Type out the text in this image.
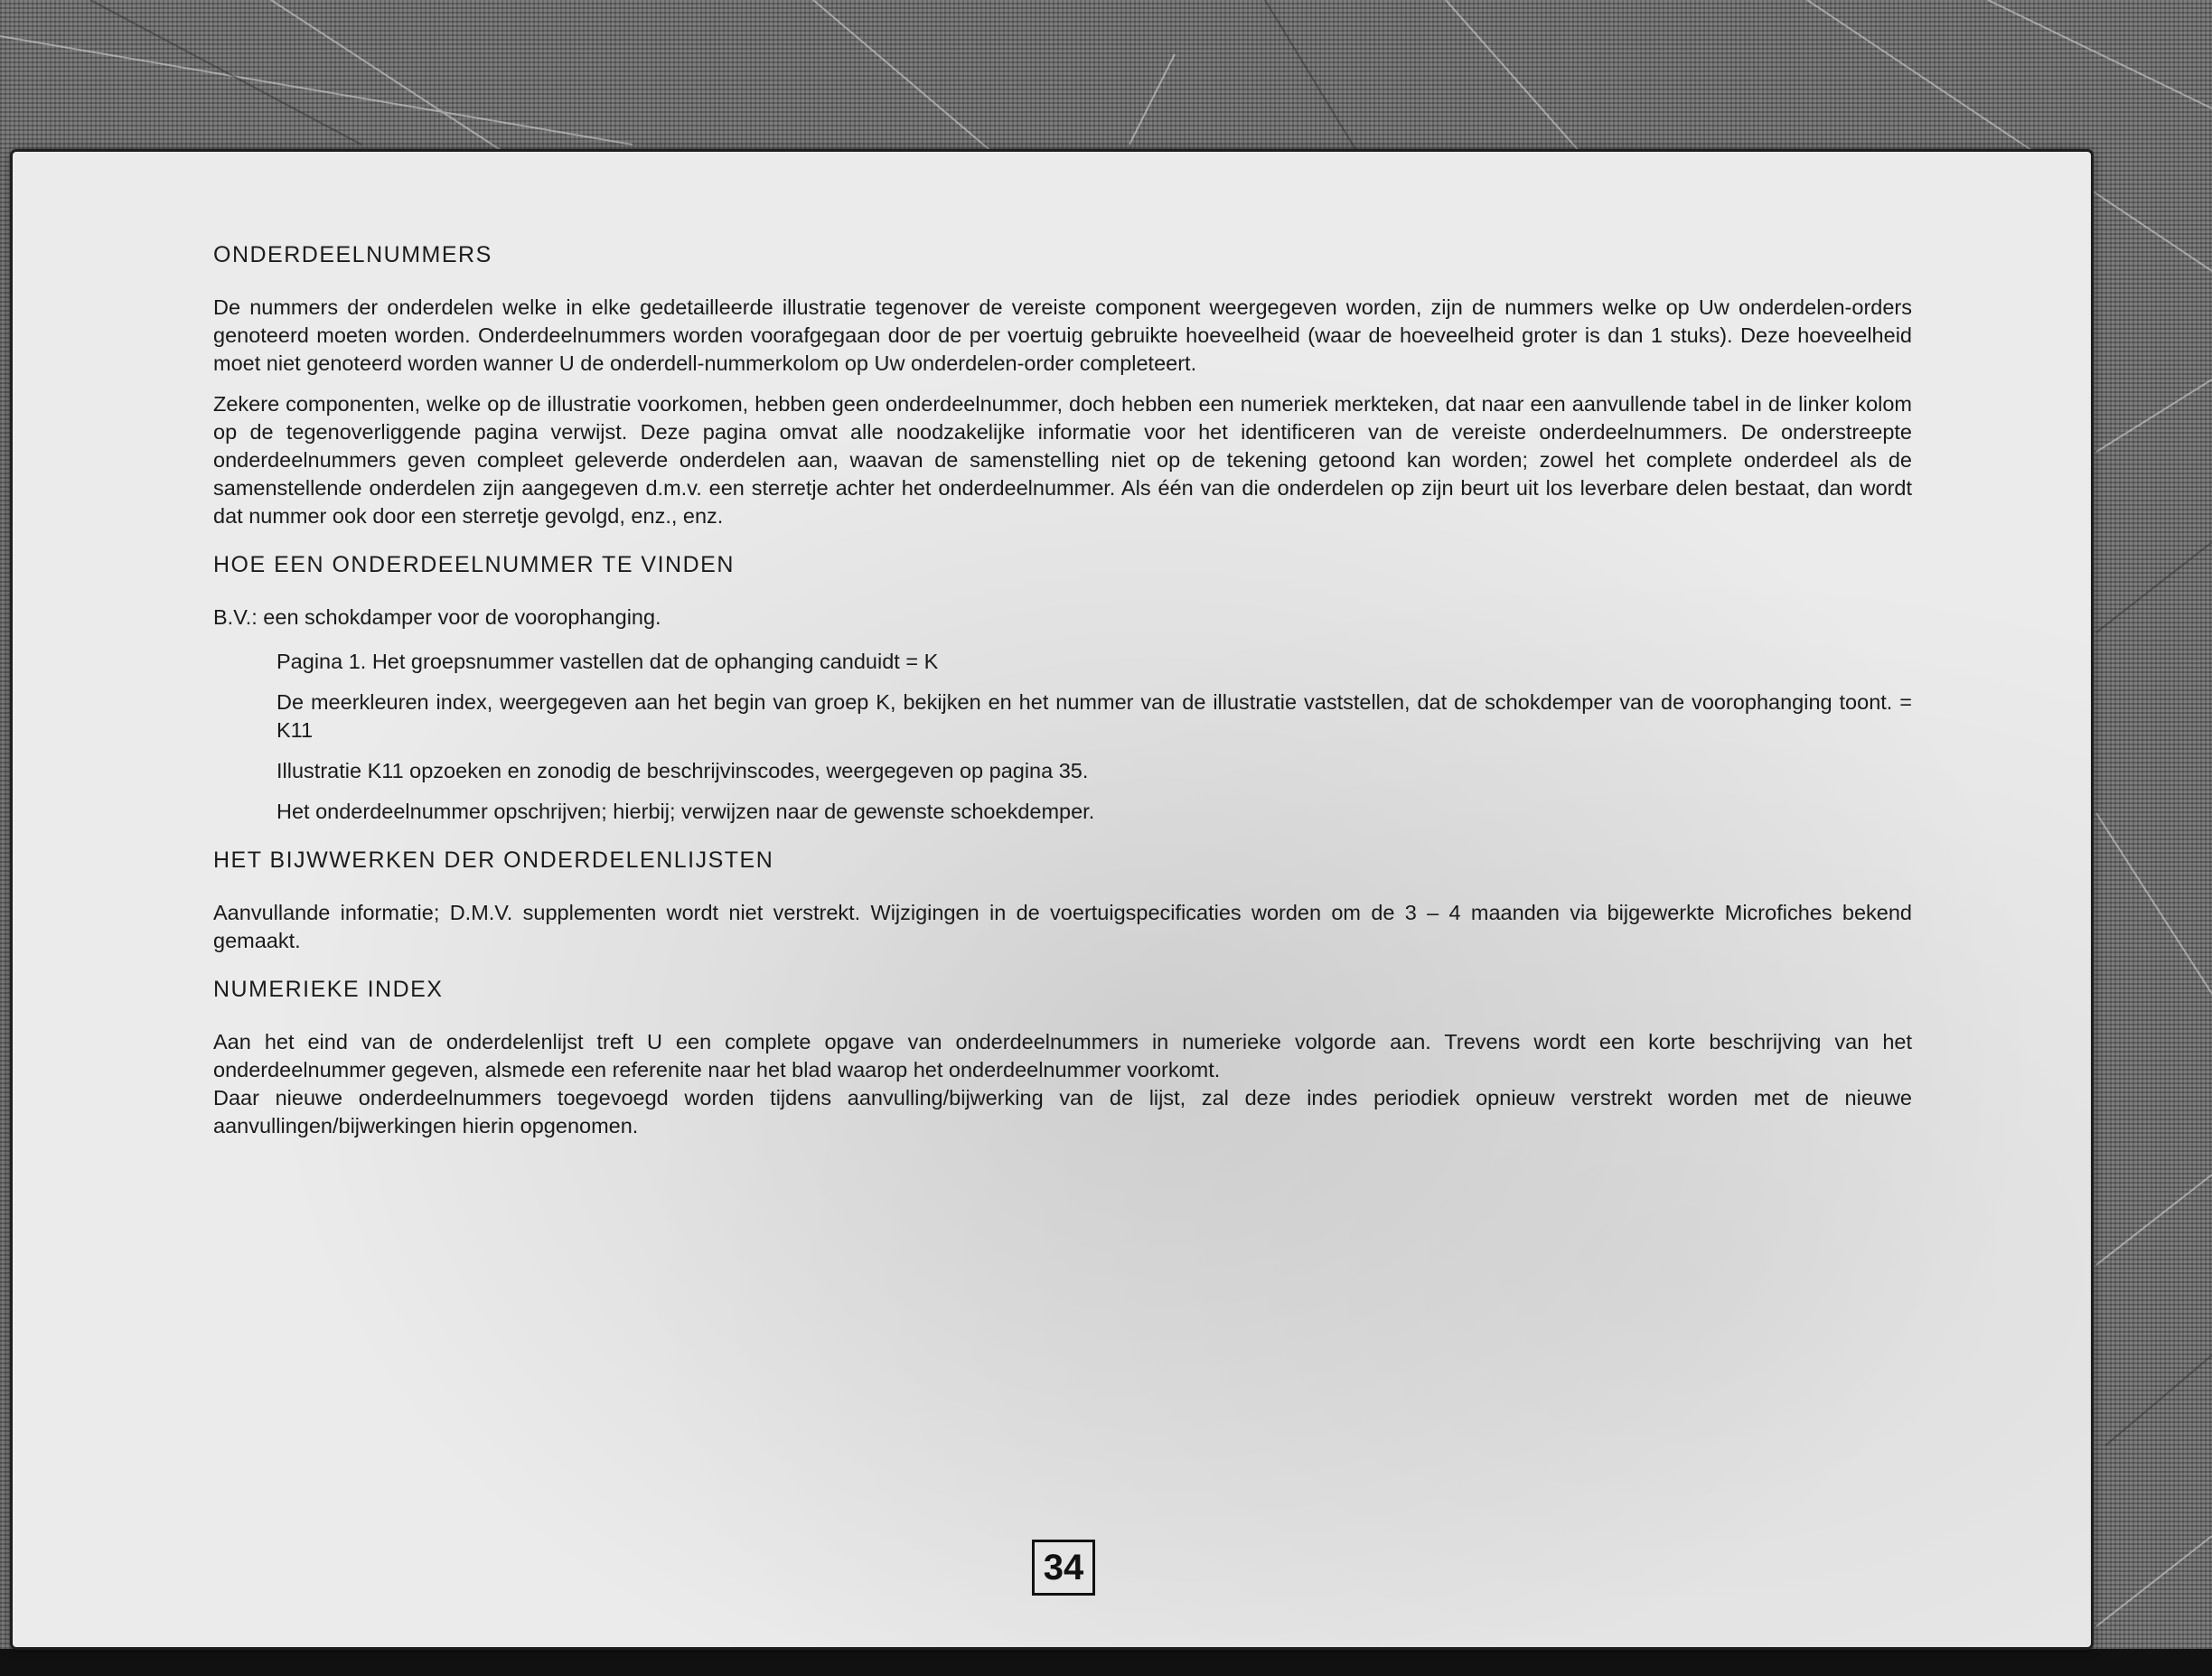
ONDERDEELNUMMERS

De nummers der onderdelen welke in elke gedetailleerde illustratie tegenover de vereiste component weergegeven worden, zijn de nummers welke op Uw onderdelen-orders genoteerd moeten worden. Onderdeelnummers worden voorafgegaan door de per voertuig gebruikte hoeveelheid (waar de hoeveelheid groter is dan 1 stuks). Deze hoeveelheid moet niet genoteerd worden wanner U de onderdell-nummerkolom op Uw onderdelen-order completeert.

Zekere componenten, welke op de illustratie voorkomen, hebben geen onderdeelnummer, doch hebben een numeriek merkteken, dat naar een aanvullende tabel in de linker kolom op de tegenoverliggende pagina verwijst. Deze pagina omvat alle noodzakelijke informatie voor het identificeren van de vereiste onderdeelnummers. De onderstreepte onderdeelnummers geven compleet geleverde onderdelen aan, waavan de samenstelling niet op de tekening getoond kan worden; zowel het complete onderdeel als de samenstellende onderdelen zijn aangegeven d.m.v. een sterretje achter het onderdeelnummer. Als één van die onderdelen op zijn beurt uit los leverbare delen bestaat, dan wordt dat nummer ook door een sterretje gevolgd, enz., enz.

HOE EEN ONDERDEELNUMMER TE VINDEN
B.V.: een schokdamper voor de voorophanging.

Pagina 1. Het groepsnummer vastellen dat de ophanging canduidt = K

De meerkleuren index, weergegeven aan het begin van groep K, bekijken en het nummer van de illustratie vaststellen, dat de schokdemper van de voorophanging toont. = K11

Illustratie K11 opzoeken en zonodig de beschrijvinscodes, weergegeven op pagina 35.

Het onderdeelnummer opschrijven; hierbij; verwijzen naar de gewenste schoekdemper.

HET BIJWWERKEN DER ONDERDELENLIJSTEN

Aanvullande informatie; D.M.V. supplementen wordt niet verstrekt. Wijzigingen in de voertuigspecificaties worden om de 3 – 4 maanden via bijgewerkte Microfiches bekend gemaakt.

NUMERIEKE INDEX

Aan het eind van de onderdelenlijst treft U een complete opgave van onderdeelnummers in numerieke volgorde aan. Trevens wordt een korte beschrijving van het onderdeelnummer gegeven, alsmede een referenite naar het blad waarop het onderdeelnummer voorkomt.

Daar nieuwe onderdeelnummers toegevoegd worden tijdens aanvulling/bijwerking van de lijst, zal deze indes periodiek opnieuw verstrekt worden met de nieuwe aanvullingen/bijwerkingen hierin opgenomen.

34
